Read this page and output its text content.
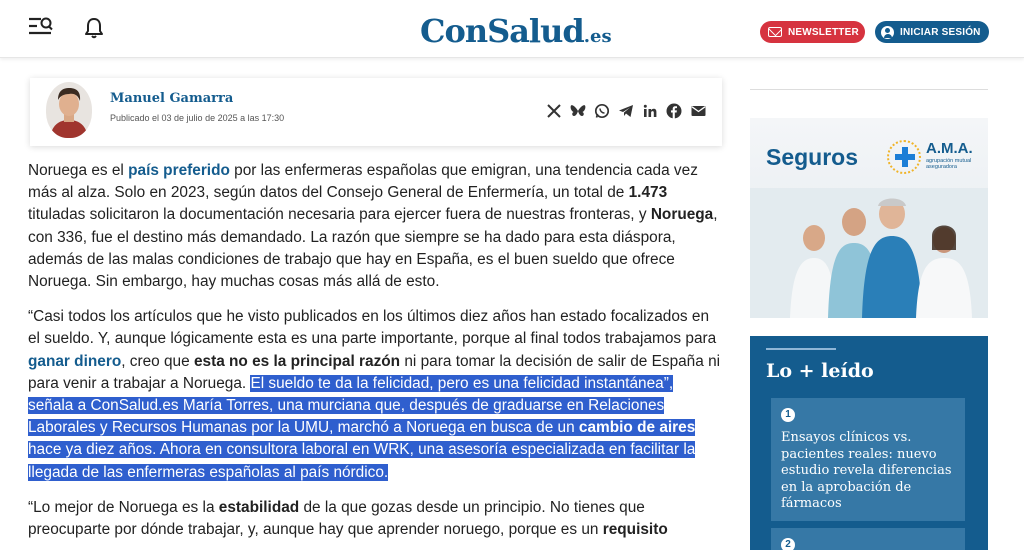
ConSalud.es	NEWSLETTER	INICIAR SESIÓN
Manuel Gamarra
Publicado el 03 de julio de 2025 a las 17:30

Noruega es el país preferido por las enfermeras españolas que emigran, una tendencia cada vez más al alza. Solo en 2023, según datos del Consejo General de Enfermería, un total de 1.473 tituladas solicitaron la documentación necesaria para ejercer fuera de nuestras fronteras, y Noruega, con 336, fue el destino más demandado. La razón que siempre se ha dado para esta diáspora, además de las malas condiciones de trabajo que hay en España, es el buen sueldo que ofrece Noruega. Sin embargo, hay muchas cosas más allá de esto.

“Casi todos los artículos que he visto publicados en los últimos diez años han estado focalizados en el sueldo. Y, aunque lógicamente esta es una parte importante, porque al final todos trabajamos para ganar dinero, creo que esta no es la principal razón ni para tomar la decisión de salir de España ni para venir a trabajar a Noruega. El sueldo te da la felicidad, pero es una felicidad instantánea”, señala a ConSalud.es María Torres, una murciana que, después de graduarse en Relaciones Laborales y Recursos Humanas por la UMU, marchó a Noruega en busca de un cambio de aires hace ya diez años. Ahora en consultora laboral en WRK, una asesoría especializada en facilitar la llegada de las enfermeras españolas al país nórdico.

“Lo mejor de Noruega es la estabilidad de la que gozas desde un principio. No tienes que preocuparte por dónde trabajar, y, aunque hay que aprender noruego, porque es un requisito

Seguros	A.M.A.
agrupación mutual aseguradora
Lo + leído
1
Ensayos clínicos vs. pacientes reales: nuevo estudio revela diferencias en la aprobación de fármacos
2
